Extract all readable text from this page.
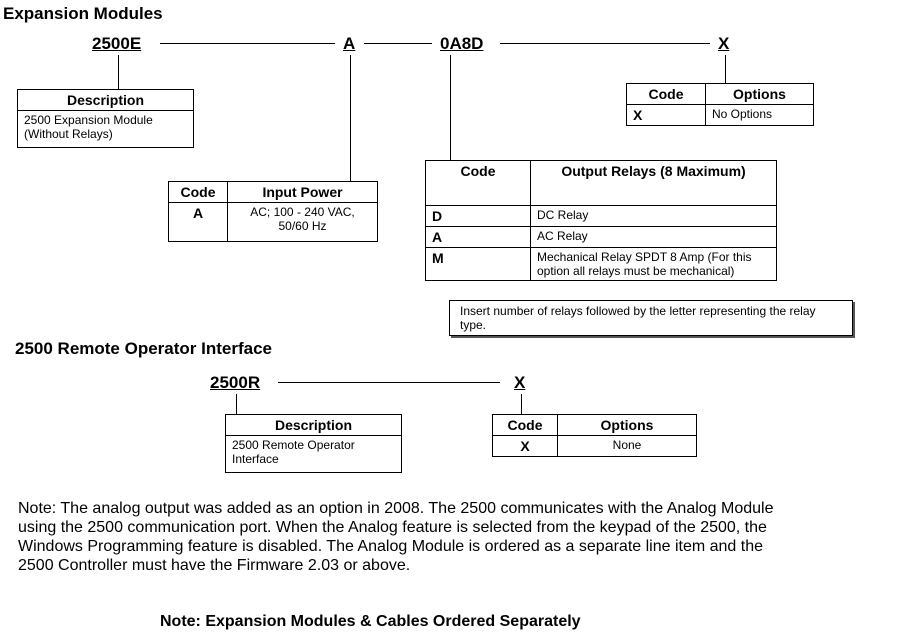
Expansion Modules
2500E	A	0A8D	X
Description
2500 Expansion Module (Without Relays)
Code	Options
X	No Options
Code	Input Power
A	AC; 100 - 240 VAC, 50/60 Hz
Code	Output Relays (8 Maximum)
D	DC Relay
A	AC Relay
M	Mechanical Relay SPDT 8 Amp (For this option all relays must be mechanical)
Insert number of relays followed by the letter representing the relay type.
2500 Remote Operator Interface
2500R	X
Description
2500 Remote Operator Interface
Code	Options
X	None
Note: The analog output was added as an option in 2008. The 2500 communicates with the Analog Module using the 2500 communication port. When the Analog feature is selected from the keypad of the 2500, the Windows Programming feature is disabled. The Analog Module is ordered as a separate line item and the 2500 Controller must have the Firmware 2.03 or above.
Note: Expansion Modules & Cables Ordered Separately
